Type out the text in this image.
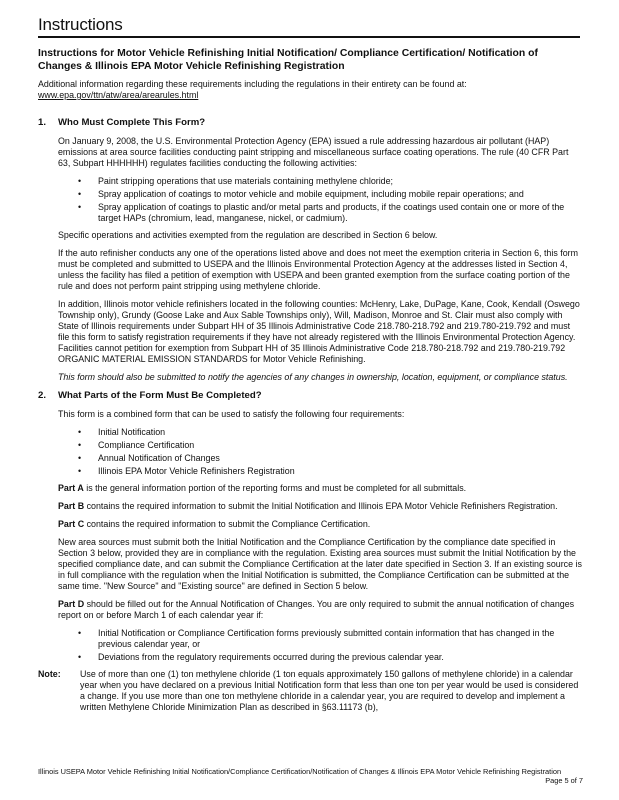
Instructions
Instructions for Motor Vehicle Refinishing Initial Notification/ Compliance Certification/ Notification of Changes & Illinois EPA Motor Vehicle Refinishing Registration
Additional information regarding these requirements including the regulations in their entirety can be found at:
www.epa.gov/ttn/atw/area/arearules.html
1.	Who Must Complete This Form?

On January 9, 2008, the U.S. Environmental Protection Agency (EPA) issued a rule addressing hazardous air pollutant (HAP) emissions at area source facilities conducting paint stripping and miscellaneous surface coating operations. The rule (40 CFR Part 63, Subpart HHHHHH) regulates facilities conducting the following activities:

• Paint stripping operations that use materials containing methylene chloride;
• Spray application of coatings to motor vehicle and mobile equipment, including mobile repair operations; and
• Spray application of coatings to plastic and/or metal parts and products, if the coatings used contain one or more of the target HAPs (chromium, lead, manganese, nickel, or cadmium).

Specific operations and activities exempted from the regulation are described in Section 6 below.

If the auto refinisher conducts any one of the operations listed above and does not meet the exemption criteria in Section 6, this form must be completed and submitted to USEPA and the Illinois Environmental Protection Agency at the addresses listed in Section 4, unless the facility has filed a petition of exemption with USEPA and been granted exemption from the surface coating portion of the rule and does not perform paint stripping using methylene chloride.

In addition, Illinois motor vehicle refinishers located in the following counties: McHenry, Lake, DuPage, Kane, Cook, Kendall (Oswego Township only), Grundy (Goose Lake and Aux Sable Townships only), Will, Madison, Monroe and St. Clair must also comply with State of Illinois requirements under Subpart HH of 35 Illinois Administrative Code 218.780-218.792 and 219.780-219.792 and must file this form to satisfy registration requirements if they have not already registered with the Illinois Environmental Protection Agency. Facilities cannot petition for exemption from Subpart HH of 35 Illinois Administrative Code 218.780-218.792 and 219.780-219.792 ORGANIC MATERIAL EMISSION STANDARDS for Motor Vehicle Refinishing.

This form should also be submitted to notify the agencies of any changes in ownership, location, equipment, or compliance status.

2.	What Parts of the Form Must Be Completed?

This form is a combined form that can be used to satisfy the following four requirements:

• Initial Notification
• Compliance Certification
• Annual Notification of Changes
• Illinois EPA Motor Vehicle Refinishers Registration

Part A is the general information portion of the reporting forms and must be completed for all submittals.

Part B contains the required information to submit the Initial Notification and Illinois EPA Motor Vehicle Refinishers Registration.

Part C contains the required information to submit the Compliance Certification.

New area sources must submit both the Initial Notification and the Compliance Certification by the compliance date specified in Section 3 below, provided they are in compliance with the regulation. Existing area sources must submit the Initial Notification by the specified compliance date, and can submit the Compliance Certification at the later date specified in Section 3. If an existing source is in full compliance with the regulation when the Initial Notification is submitted, the Compliance Certification can be submitted at the same time. "New Source" and "Existing source" are defined in Section 5 below.

Part D should be filled out for the Annual Notification of Changes. You are only required to submit the annual notification of changes report on or before March 1 of each calendar year if:

• Initial Notification or Compliance Certification forms previously submitted contain information that has changed in the previous calendar year, or
• Deviations from the regulatory requirements occurred during the previous calendar year.
Note:	Use of more than one (1) ton methylene chloride (1 ton equals approximately 150 gallons of methylene chloride) in a calendar year when you have declared on a previous Initial Notification form that less than one ton per year would be used is considered a change. If you use more than one ton methylene chloride in a calendar year, you are required to develop and implement a written Methylene Chloride Minimization Plan as described in §63.11173 (b),
Illinois USEPA Motor Vehicle Refinishing Initial Notification/Compliance Certification/Notification of Changes & Illinois EPA Motor Vehicle Refinishing Registration
Page 5 of 7
